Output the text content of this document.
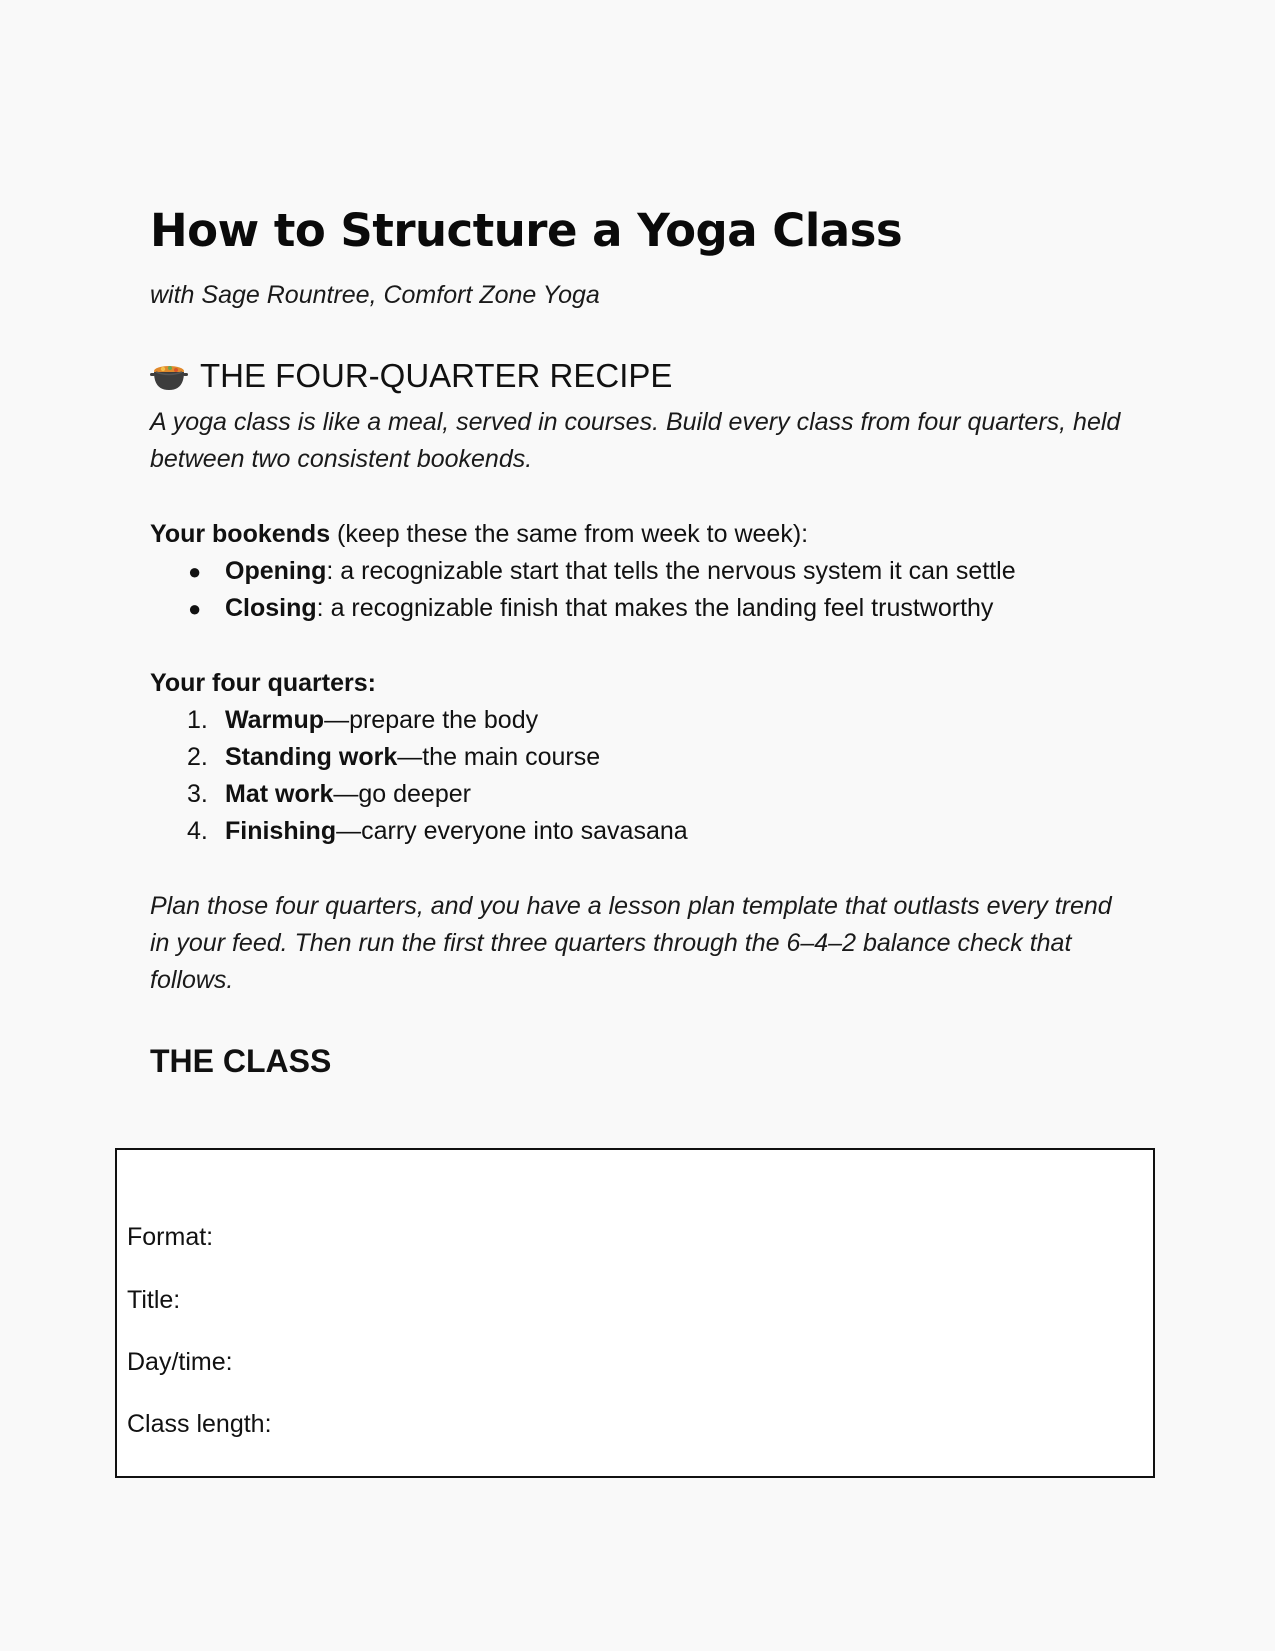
How to Structure a Yoga Class

with Sage Rountree, Comfort Zone Yoga

THE FOUR-QUARTER RECIPE

A yoga class is like a meal, served in courses. Build every class from four quarters, held between two consistent bookends.

Your bookends (keep these the same from week to week):

● Opening: a recognizable start that tells the nervous system it can settle
● Closing: a recognizable finish that makes the landing feel trustworthy

Your four quarters:

1. Warmup—prepare the body
2. Standing work—the main course
3. Mat work—go deeper
4. Finishing—carry everyone into savasana

Plan those four quarters, and you have a lesson plan template that outlasts every trend in your feed. Then run the first three quarters through the 6–4–2 balance check that follows.

THE CLASS
Format:
Title:
Day/time:
Class length:
